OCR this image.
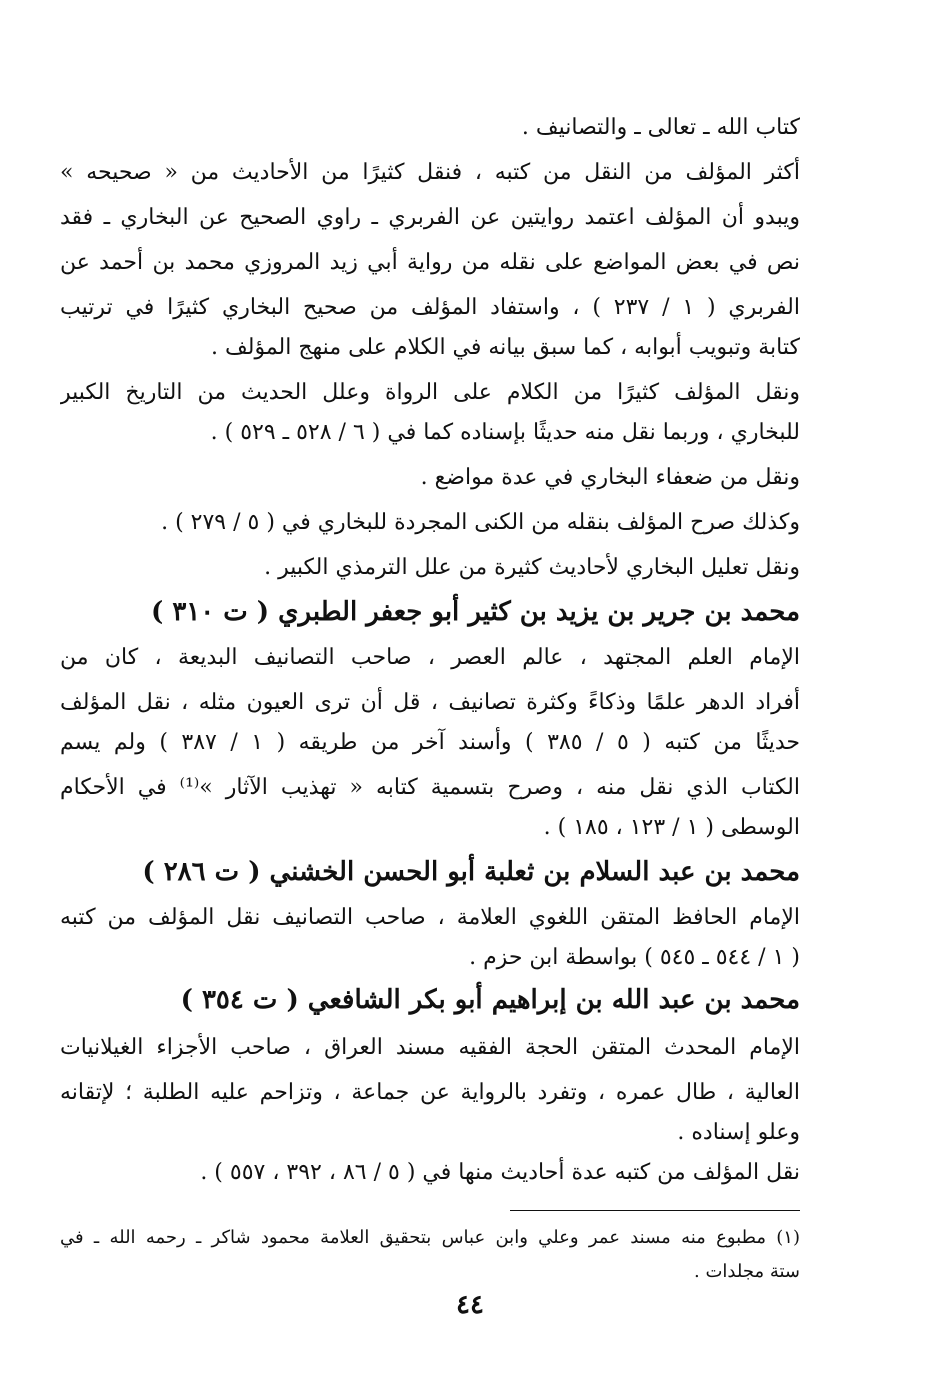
كتاب الله ـ تعالى ـ والتصانيف .
أكثر المؤلف من النقل من كتبه ، فنقل كثيرًا من الأحاديث من « صحيحه »
ويبدو أن المؤلف اعتمد روايتين عن الفربري ـ راوي الصحيح عن البخاري ـ فقد
نص في بعض المواضع على نقله من رواية أبي زيد المروزي محمد بن أحمد عن
الفربري ( ١ / ٢٣٧ ) ، واستفاد المؤلف من صحيح البخاري كثيرًا في ترتيب
كتابة وتبويب أبوابه ، كما سبق بيانه في الكلام على منهج المؤلف .
ونقل المؤلف كثيرًا من الكلام على الرواة وعلل الحديث من التاريخ الكبير
للبخاري ، وربما نقل منه حديثًا بإسناده كما في ( ٦ / ٥٢٨ ـ ٥٢٩ ) .
ونقل من ضعفاء البخاري في عدة مواضع .
وكذلك صرح المؤلف بنقله من الكنى المجردة للبخاري في ( ٥ / ٢٧٩ ) .
ونقل تعليل البخاري لأحاديث كثيرة من علل الترمذي الكبير .
محمد بن جرير بن يزيد بن كثير أبو جعفر الطبري ( ت ٣١٠ )
الإمام العلم المجتهد ، عالم العصر ، صاحب التصانيف البديعة ، كان من
أفراد الدهر علمًا وذكاءً وكثرة تصانيف ، قل أن ترى العيون مثله ، نقل المؤلف
حديثًا من كتبه ( ٥ / ٣٨٥ ) وأسند آخر من طريقه ( ١ / ٣٨٧ ) ولم يسم
الكتاب الذي نقل منه ، وصرح بتسمية كتابه « تهذيب الآثار »⁽¹⁾ في الأحكام
الوسطى ( ١ / ١٢٣ ، ١٨٥ ) .
محمد بن عبد السلام بن ثعلبة أبو الحسن الخشني ( ت ٢٨٦ )
الإمام الحافظ المتقن اللغوي العلامة ، صاحب التصانيف نقل المؤلف من كتبه
( ١ / ٥٤٤ ـ ٥٤٥ ) بواسطة ابن حزم .
محمد بن عبد الله بن إبراهيم أبو بكر الشافعي ( ت ٣٥٤ )
الإمام المحدث المتقن الحجة الفقيه مسند العراق ، صاحب الأجزاء الغيلانيات
العالية ، طال عمره ، وتفرد بالرواية عن جماعة ، وتزاحم عليه الطلبة ؛ لإتقانه
وعلو إسناده .
نقل المؤلف من كتبه عدة أحاديث منها في ( ٥ / ٨٦ ، ٣٩٢ ، ٥٥٧ ) .
(١) مطبوع منه مسند عمر وعلي وابن عباس بتحقيق العلامة محمود شاكر ـ رحمه الله ـ في
ستة مجلدات .
٤٤
